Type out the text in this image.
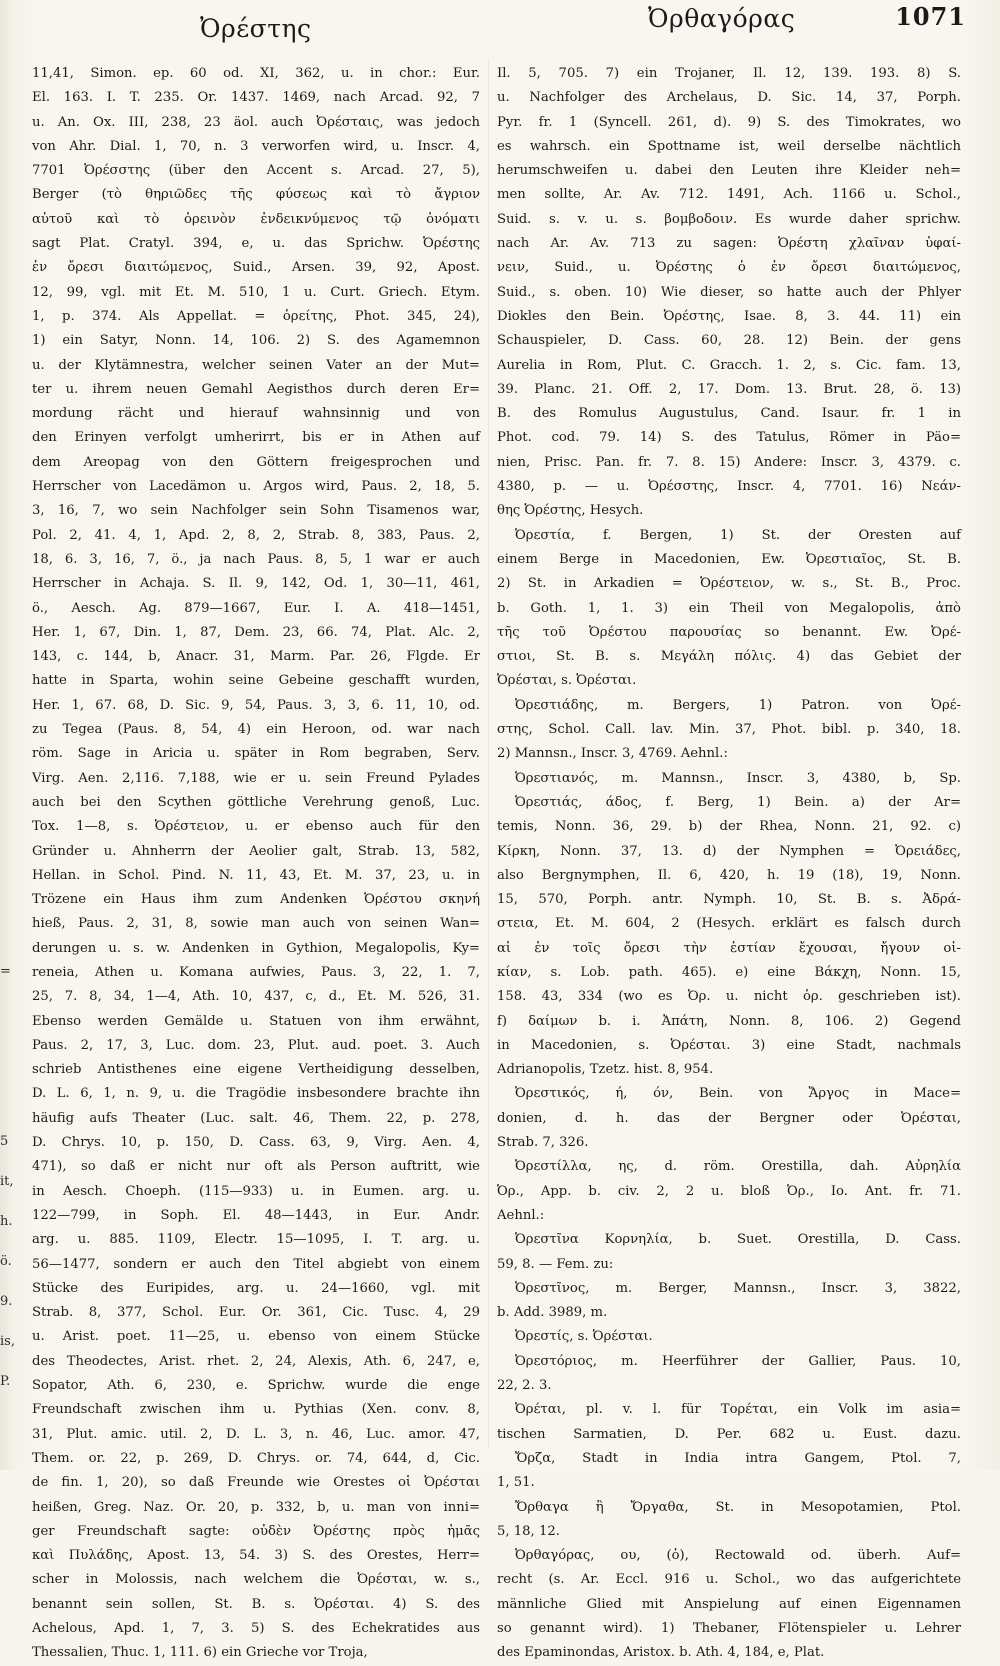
Ὀρέστης	Ὀρθαγόρας	1071
11,41, Simon. ep. 60 od. XI, 362, u. in chor.: Eur.
El. 163. I. T. 235. Or. 1437. 1469, nach Arcad. 92, 7
u. An. Ox. III, 238, 23 äol. auch Ὀρέσταις, was jedoch
von Ahr. Dial. 1, 70, n. 3 verworfen wird, u. Inscr. 4,
7701 Ὀρέσστης (über den Accent s. Arcad. 27, 5),
Berger (τὸ θηριῶδες τῆς φύσεως καὶ τὸ ἄγριον
αὐτοῦ καὶ τὸ ὀρεινὸν ἐνδεικνύμενος τῷ ὀνόματι
sagt Plat. Cratyl. 394, e, u. das Sprichw. Ὀρέστης
ἐν ὄρεσι διαιτώμενος, Suid., Arsen. 39, 92, Apost.
12, 99, vgl. mit Et. M. 510, 1 u. Curt. Griech. Etym.
1, p. 374. Als Appellat. = ὀρείτης, Phot. 345, 24),
1) ein Satyr, Nonn. 14, 106. 2) S. des Agamemnon
u. der Klytämnestra, welcher seinen Vater an der Mut=
ter u. ihrem neuen Gemahl Aegisthos durch deren Er=
mordung rächt und hierauf wahnsinnig und von
den Erinyen verfolgt umherirrt, bis er in Athen auf
dem Areopag von den Göttern freigesprochen und
Herrscher von Lacedämon u. Argos wird, Paus. 2, 18, 5.
3, 16, 7, wo sein Nachfolger sein Sohn Tisamenos war,
Pol. 2, 41. 4, 1, Apd. 2, 8, 2, Strab. 8, 383, Paus. 2,
18, 6. 3, 16, 7, ö., ja nach Paus. 8, 5, 1 war er auch
Herrscher in Achaja. S. Il. 9, 142, Od. 1, 30—11, 461,
ö., Aesch. Ag. 879—1667, Eur. I. A. 418—1451,
Her. 1, 67, Din. 1, 87, Dem. 23, 66. 74, Plat. Alc. 2,
143, c. 144, b, Anacr. 31, Marm. Par. 26, Flgde. Er
hatte in Sparta, wohin seine Gebeine geschafft wurden,
Her. 1, 67. 68, D. Sic. 9, 54, Paus. 3, 3, 6. 11, 10, od.
zu Tegea (Paus. 8, 54, 4) ein Heroon, od. war nach
röm. Sage in Aricia u. später in Rom begraben, Serv.
Virg. Aen. 2,116. 7,188, wie er u. sein Freund Pylades
auch bei den Scythen göttliche Verehrung genoß, Luc.
Tox. 1—8, s. Ὀρέστειον, u. er ebenso auch für den
Gründer u. Ahnherrn der Aeolier galt, Strab. 13, 582,
Hellan. in Schol. Pind. N. 11, 43, Et. M. 37, 23, u. in
Trözene ein Haus ihm zum Andenken Ὀρέστου σκηνή
hieß, Paus. 2, 31, 8, sowie man auch von seinen Wan=
derungen u. s. w. Andenken in Gythion, Megalopolis, Ky=
reneia, Athen u. Komana aufwies, Paus. 3, 22, 1. 7,
25, 7. 8, 34, 1—4, Ath. 10, 437, c, d., Et. M. 526, 31.
Ebenso werden Gemälde u. Statuen von ihm erwähnt,
Paus. 2, 17, 3, Luc. dom. 23, Plut. aud. poet. 3. Auch
schrieb Antisthenes eine eigene Vertheidigung desselben,
D. L. 6, 1, n. 9, u. die Tragödie insbesondere brachte ihn
häufig aufs Theater (Luc. salt. 46, Them. 22, p. 278,
D. Chrys. 10, p. 150, D. Cass. 63, 9, Virg. Aen. 4,
471), so daß er nicht nur oft als Person auftritt, wie
in Aesch. Choeph. (115—933) u. in Eumen. arg. u.
122—799, in Soph. El. 48—1443, in Eur. Andr.
arg. u. 885. 1109, Electr. 15—1095, I. T. arg. u.
56—1477, sondern er auch den Titel abgiebt von einem
Stücke des Euripides, arg. u. 24—1660, vgl. mit
Strab. 8, 377, Schol. Eur. Or. 361, Cic. Tusc. 4, 29
u. Arist. poet. 11—25, u. ebenso von einem Stücke
des Theodectes, Arist. rhet. 2, 24, Alexis, Ath. 6, 247, e,
Sopator, Ath. 6, 230, e. Sprichw. wurde die enge
Freundschaft zwischen ihm u. Pythias (Xen. conv. 8,
31, Plut. amic. util. 2, D. L. 3, n. 46, Luc. amor. 47,
Them. or. 22, p. 269, D. Chrys. or. 74, 644, d, Cic.
de fin. 1, 20), so daß Freunde wie Orestes οἱ Ὀρέσται
heißen, Greg. Naz. Or. 20, p. 332, b, u. man von inni=
ger Freundschaft sagte: οὐδὲν Ὀρέστης πρὸς ἡμᾶς
καὶ Πυλάδης, Apost. 13, 54. 3) S. des Orestes, Herr=
scher in Molossis, nach welchem die Ὀρέσται, w. s.,
benannt sein sollen, St. B. s. Ὀρέσται. 4) S. des
Achelous, Apd. 1, 7, 3. 5) S. des Echekratides aus
Thessalien, Thuc. 1, 111. 6) ein Grieche vor Troja,
Il. 5, 705. 7) ein Trojaner, Il. 12, 139. 193. 8) S.
u. Nachfolger des Archelaus, D. Sic. 14, 37, Porph.
Pyr. fr. 1 (Syncell. 261, d). 9) S. des Timokrates, wo
es wahrsch. ein Spottname ist, weil derselbe nächtlich
herumschweifen u. dabei den Leuten ihre Kleider neh=
men sollte, Ar. Av. 712. 1491, Ach. 1166 u. Schol.,
Suid. s. v. u. s. βομβοδοιν. Es wurde daher sprichw.
nach Ar. Av. 713 zu sagen: Ὀρέστη χλαῖναν ὑφαί-
νειν, Suid., u. Ὀρέστης ὁ ἐν ὄρεσι διαιτώμενος,
Suid., s. oben. 10) Wie dieser, so hatte auch der Phlyer
Diokles den Bein. Ὀρέστης, Isae. 8, 3. 44. 11) ein
Schauspieler, D. Cass. 60, 28. 12) Bein. der gens
Aurelia in Rom, Plut. C. Gracch. 1. 2, s. Cic. fam. 13,
39. Planc. 21. Off. 2, 17. Dom. 13. Brut. 28, ö. 13)
B. des Romulus Augustulus, Cand. Isaur. fr. 1 in
Phot. cod. 79. 14) S. des Tatulus, Römer in Päo=
nien, Prisc. Pan. fr. 7. 8. 15) Andere: Inscr. 3, 4379. c.
4380, p. — u. Ὀρέσστης, Inscr. 4, 7701. 16) Νεάν-
θης Ὀρέστης, Hesych.
Ὀρεστία, f. Bergen, 1) St. der Oresten auf
einem Berge in Macedonien, Ew. Ὀρεστιαῖος, St. B.
2) St. in Arkadien = Ὀρέστειον, w. s., St. B., Proc.
b. Goth. 1, 1. 3) ein Theil von Megalopolis, ἀπὸ
τῆς τοῦ Ὀρέστου παρουσίας so benannt. Ew. Ὀρέ-
στιοι, St. B. s. Μεγάλη πόλις. 4) das Gebiet der
Ὀρέσται, s. Ὀρέσται.
Ὀρεστιάδης, m. Bergers, 1) Patron. von Ὀρέ-
στης, Schol. Call. lav. Min. 37, Phot. bibl. p. 340, 18.
2) Mannsn., Inscr. 3, 4769. Aehnl.:
Ὀρεστιανός, m. Mannsn., Inscr. 3, 4380, b, Sp.
Ὀρεστιάς, άδος, f. Berg, 1) Bein. a) der Ar=
temis, Nonn. 36, 29. b) der Rhea, Nonn. 21, 92. c)
Κίρκη, Nonn. 37, 13. d) der Nymphen = Ὀρειάδες,
also Bergnymphen, Il. 6, 420, h. 19 (18), 19, Nonn.
15, 570, Porph. antr. Nymph. 10, St. B. s. Ἀδρά-
στεια, Et. M. 604, 2 (Hesych. erklärt es falsch durch
αἱ ἐν τοῖς ὄρεσι τὴν ἑστίαν ἔχουσαι, ἤγουν οἰ-
κίαν, s. Lob. path. 465). e) eine Βάκχη, Nonn. 15,
158. 43, 334 (wo es Ὀρ. u. nicht ὀρ. geschrieben ist).
f) δαίμων b. i. Ἀπάτη, Nonn. 8, 106. 2) Gegend
in Macedonien, s. Ὀρέσται. 3) eine Stadt, nachmals
Adrianopolis, Tzetz. hist. 8, 954.
Ὀρεστικός, ή, όν, Bein. von Ἄργος in Mace=
donien, d. h. das der Bergner oder Ὀρέσται,
Strab. 7, 326.
Ὀρεστίλλα, ης, d. röm. Orestilla, dah. Αὐρηλία
Ὀρ., App. b. civ. 2, 2 u. bloß Ὀρ., Io. Ant. fr. 71.
Aehnl.:
Ὀρεστῖνα Κορνηλία, b. Suet. Orestilla, D. Cass.
59, 8. — Fem. zu:
Ὀρεστῖνος, m. Berger, Mannsn., Inscr. 3, 3822,
b. Add. 3989, m.
Ὀρεστίς, s. Ὀρέσται.
Ὀρεστόριος, m. Heerführer der Gallier, Paus. 10,
22, 2. 3.
Ὀρέται, pl. v. l. für Τορέται, ein Volk im asia=
tischen Sarmatien, D. Per. 682 u. Eust. dazu.
Ὄρζα, Stadt in India intra Gangem, Ptol. 7,
1, 51.
Ὄρθαγα ἢ Ὄργαθα, St. in Mesopotamien, Ptol.
5, 18, 12.
Ὀρθαγόρας, ου, (ὁ), Rectowald od. überh. Auf=
recht (s. Ar. Eccl. 916 u. Schol., wo das aufgerichtete
männliche Glied mit Anspielung auf einen Eigennamen
so genannt wird). 1) Thebaner, Flötenspieler u. Lehrer
des Epaminondas, Aristox. b. Ath. 4, 184, e, Plat.
=
5
it,
h.
ö.
9.
is,
P.
